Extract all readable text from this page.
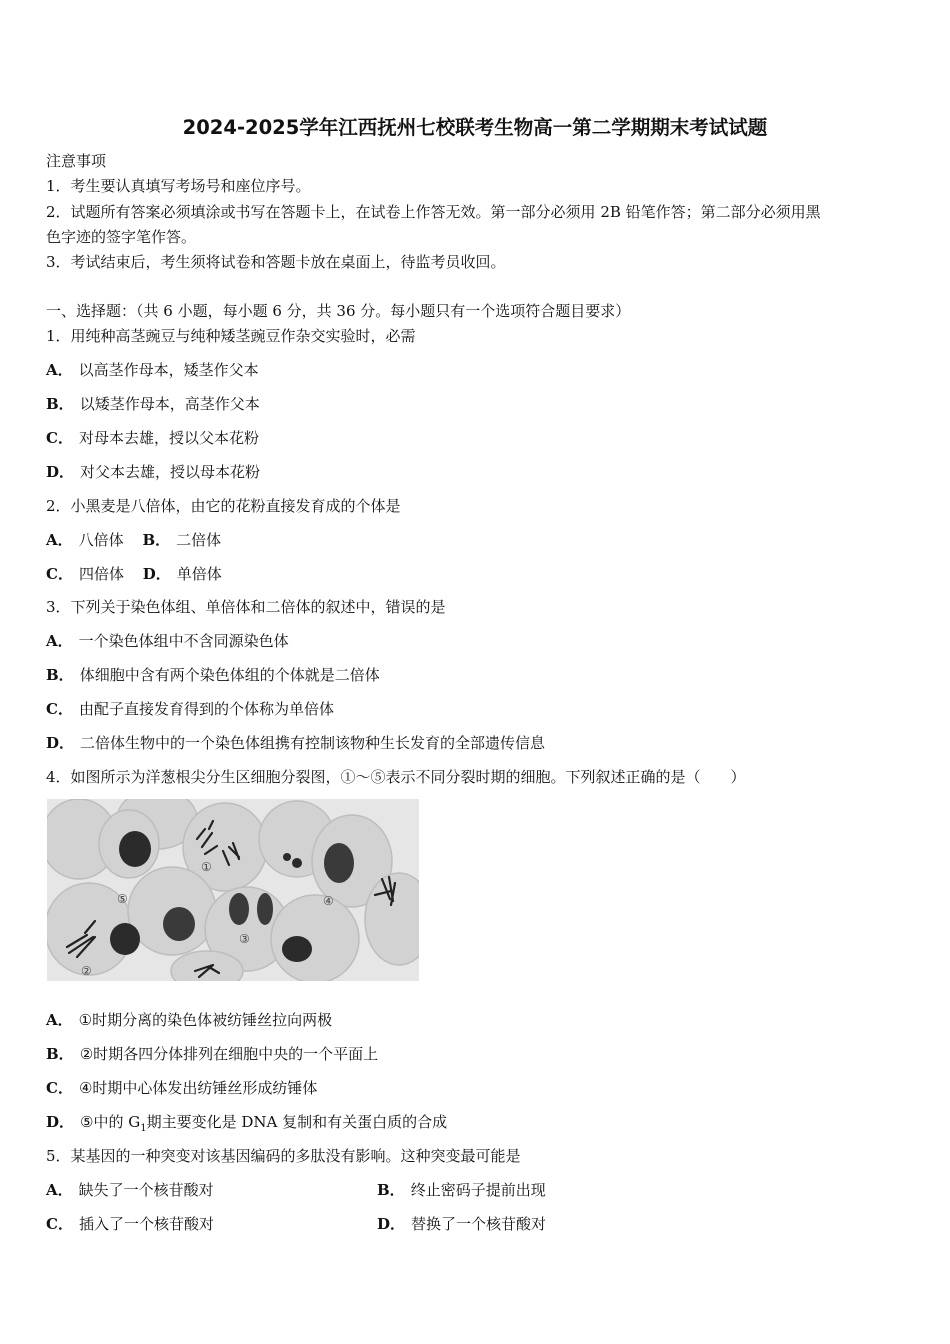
2024-2025学年江西抚州七校联考生物高一第二学期期末考试试题
注意事项
1．考生要认真填写考场号和座位序号。
2．试题所有答案必须填涂或书写在答题卡上，在试卷上作答无效。第一部分必须用 2B 铅笔作答；第二部分必须用黑
色字迹的签字笔作答。
3．考试结束后，考生须将试卷和答题卡放在桌面上，待监考员收回。
一、选择题：（共 6 小题，每小题 6 分，共 36 分。每小题只有一个选项符合题目要求）
1．用纯种高茎豌豆与纯种矮茎豌豆作杂交实验时，必需
A． 以高茎作母本，矮茎作父本
B． 以矮茎作母本，高茎作父本
C． 对母本去雄，授以父本花粉
D． 对父本去雄，授以母本花粉
2．小黑麦是八倍体，由它的花粉直接发育成的个体是
A． 八倍体 B． 二倍体
C． 四倍体 D． 单倍体
3．下列关于染色体组、单倍体和二倍体的叙述中，错误的是
A． 一个染色体组中不含同源染色体
B． 体细胞中含有两个染色体组的个体就是二倍体
C． 由配子直接发育得到的个体称为单倍体
D． 二倍体生物中的一个染色体组携有控制该物种生长发育的全部遗传信息
4．如图所示为洋葱根尖分生区细胞分裂图，①～⑤表示不同分裂时期的细胞。下列叙述正确的是（　　）
①
②
③
④
⑤
A． ①时期分离的染色体被纺锤丝拉向两极
B． ②时期各四分体排列在细胞中央的一个平面上
C． ④时期中心体发出纺锤丝形成纺锤体
D． ⑤中的 $G_1$期主要变化是 DNA 复制和有关蛋白质的合成
5．某基因的一种突变对该基因编码的多肽没有影响。这种突变最可能是
A． 缺失了一个核苷酸对	B． 终止密码子提前出现
C． 插入了一个核苷酸对	D． 替换了一个核苷酸对
